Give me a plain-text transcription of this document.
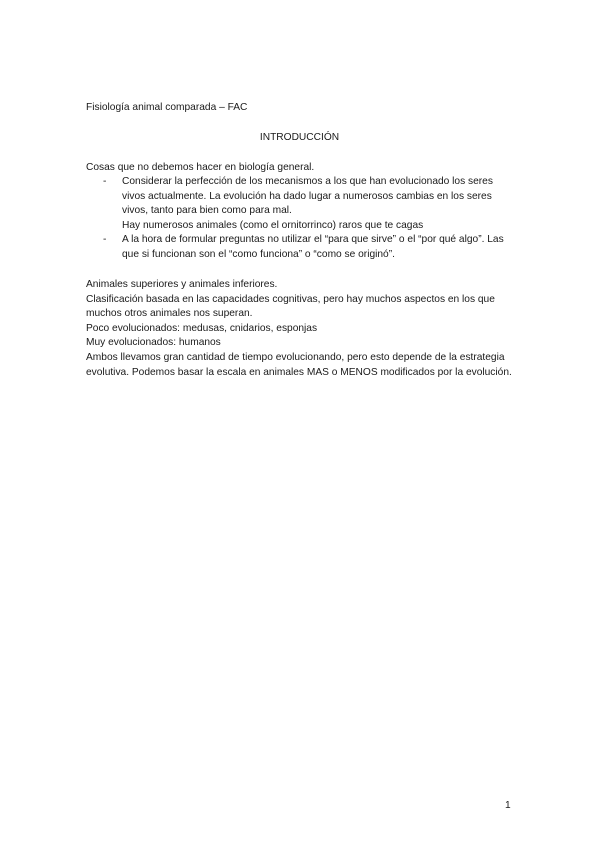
Fisiología animal comparada – FAC
INTRODUCCIÓN

Cosas que no debemos hacer en biología general.

- Considerar la perfección de los mecanismos a los que han evolucionado los seres vivos actualmente. La evolución ha dado lugar a numerosos cambias en los seres vivos, tanto para bien como para mal.

Hay numerosos animales (como el ornitorrinco) raros que te cagas

- A la hora de formular preguntas no utilizar el “para que sirve” o el “por qué algo”. Las que si funcionan son el “como funciona” o “como se originó”.

Animales superiores y animales inferiores.

Clasificación basada en las capacidades cognitivas, pero hay muchos aspectos en los que muchos otros animales nos superan.

Poco evolucionados: medusas, cnidarios, esponjas

Muy evolucionados: humanos

Ambos llevamos gran cantidad de tiempo evolucionando, pero esto depende de la estrategia evolutiva. Podemos basar la escala en animales MAS o MENOS modificados por la evolución.

1
